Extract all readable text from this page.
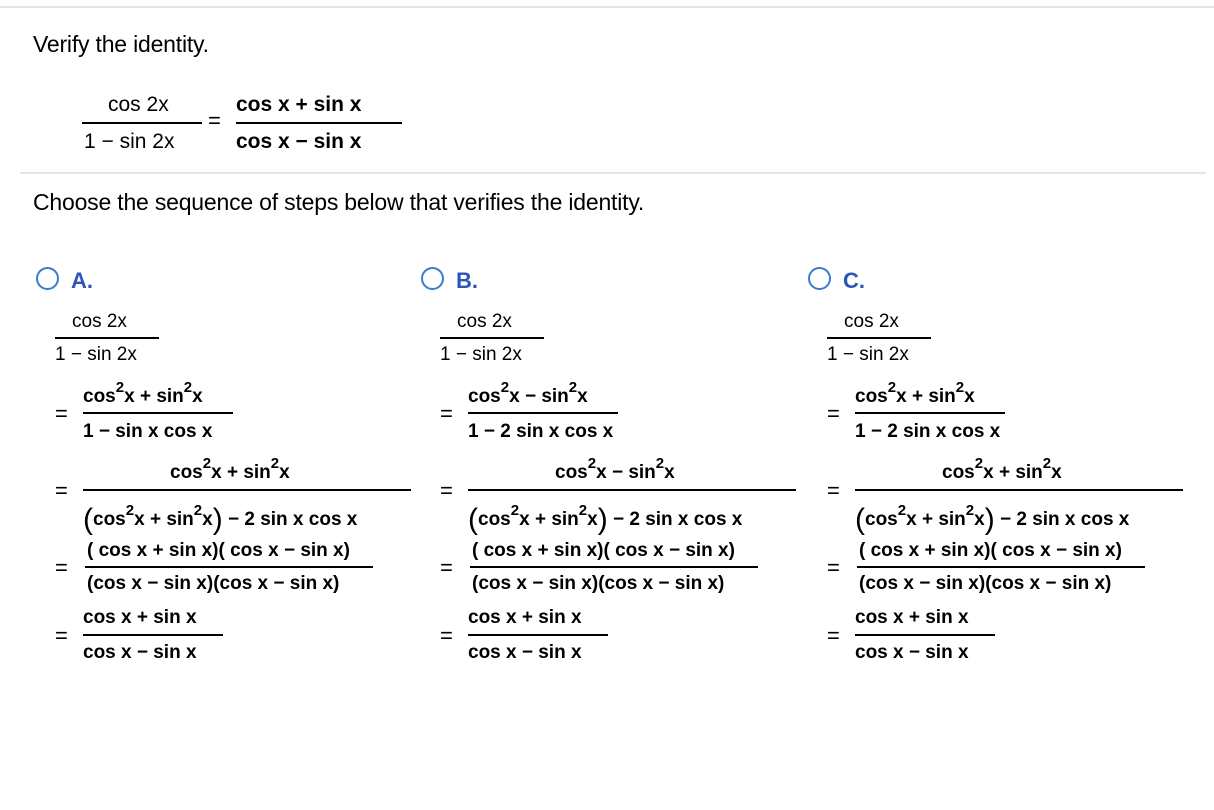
Verify the identity.
cos 2x
1 − sin 2x
=
cos x + sin x
cos x − sin x
Choose the sequence of steps below that verifies the identity.
A.
cos 2x
1 − sin 2x
=
$\cos^2x + \sin^2x$
1 − sin x cos x
=
$\cos^2x + \sin^2x$
$(\cos^2x + \sin^2x) - 2$ sin x cos x
=
( cos x + sin x)( cos x − sin x)
(cos x − sin x)(cos x − sin x)
=
cos x + sin x
cos x − sin x
B.
cos 2x
1 − sin 2x
=
$\cos^2x - \sin^2x$
1 − 2 sin x cos x
=
$\cos^2x - \sin^2x$
$(\cos^2x + \sin^2x) - 2$ sin x cos x
=
( cos x + sin x)( cos x − sin x)
(cos x − sin x)(cos x − sin x)
=
cos x + sin x
cos x − sin x
C.
cos 2x
1 − sin 2x
=
$\cos^2x + \sin^2x$
1 − 2 sin x cos x
=
$\cos^2x + \sin^2x$
$(\cos^2x + \sin^2x) - 2$ sin x cos x
=
( cos x + sin x)( cos x − sin x)
(cos x − sin x)(cos x − sin x)
=
cos x + sin x
cos x − sin x
